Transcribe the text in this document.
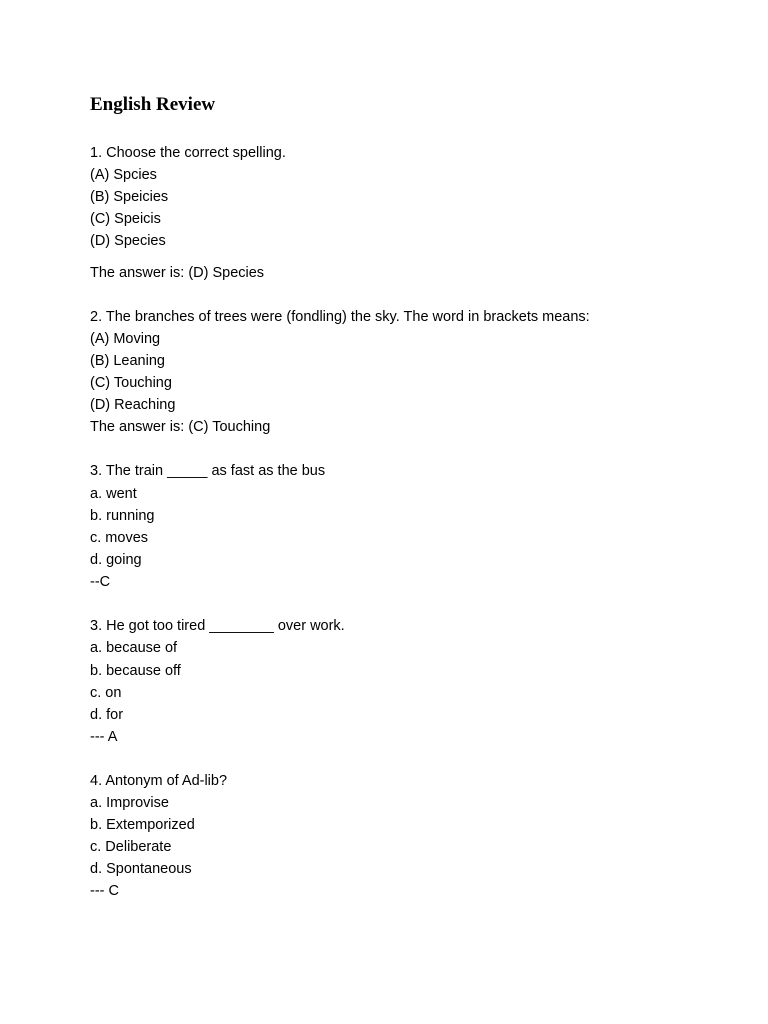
English Review
1. Choose the correct spelling.
(A) Spcies
(B) Speicies
(C) Speicis
(D) Species
The answer is: (D) Species
2. The branches of trees were (fondling) the sky. The word in brackets means:
(A) Moving
(B) Leaning
(C) Touching
(D) Reaching
The answer is: (C) Touching
3. The train _____ as fast as the bus
a. went
b. running
c. moves
d. going
--C
3. He got too tired ________ over work.
a. because of
b. because off
c. on
d. for
--- A
4. Antonym of Ad-lib?
a. Improvise
b. Extemporized
c. Deliberate
d. Spontaneous
--- C
